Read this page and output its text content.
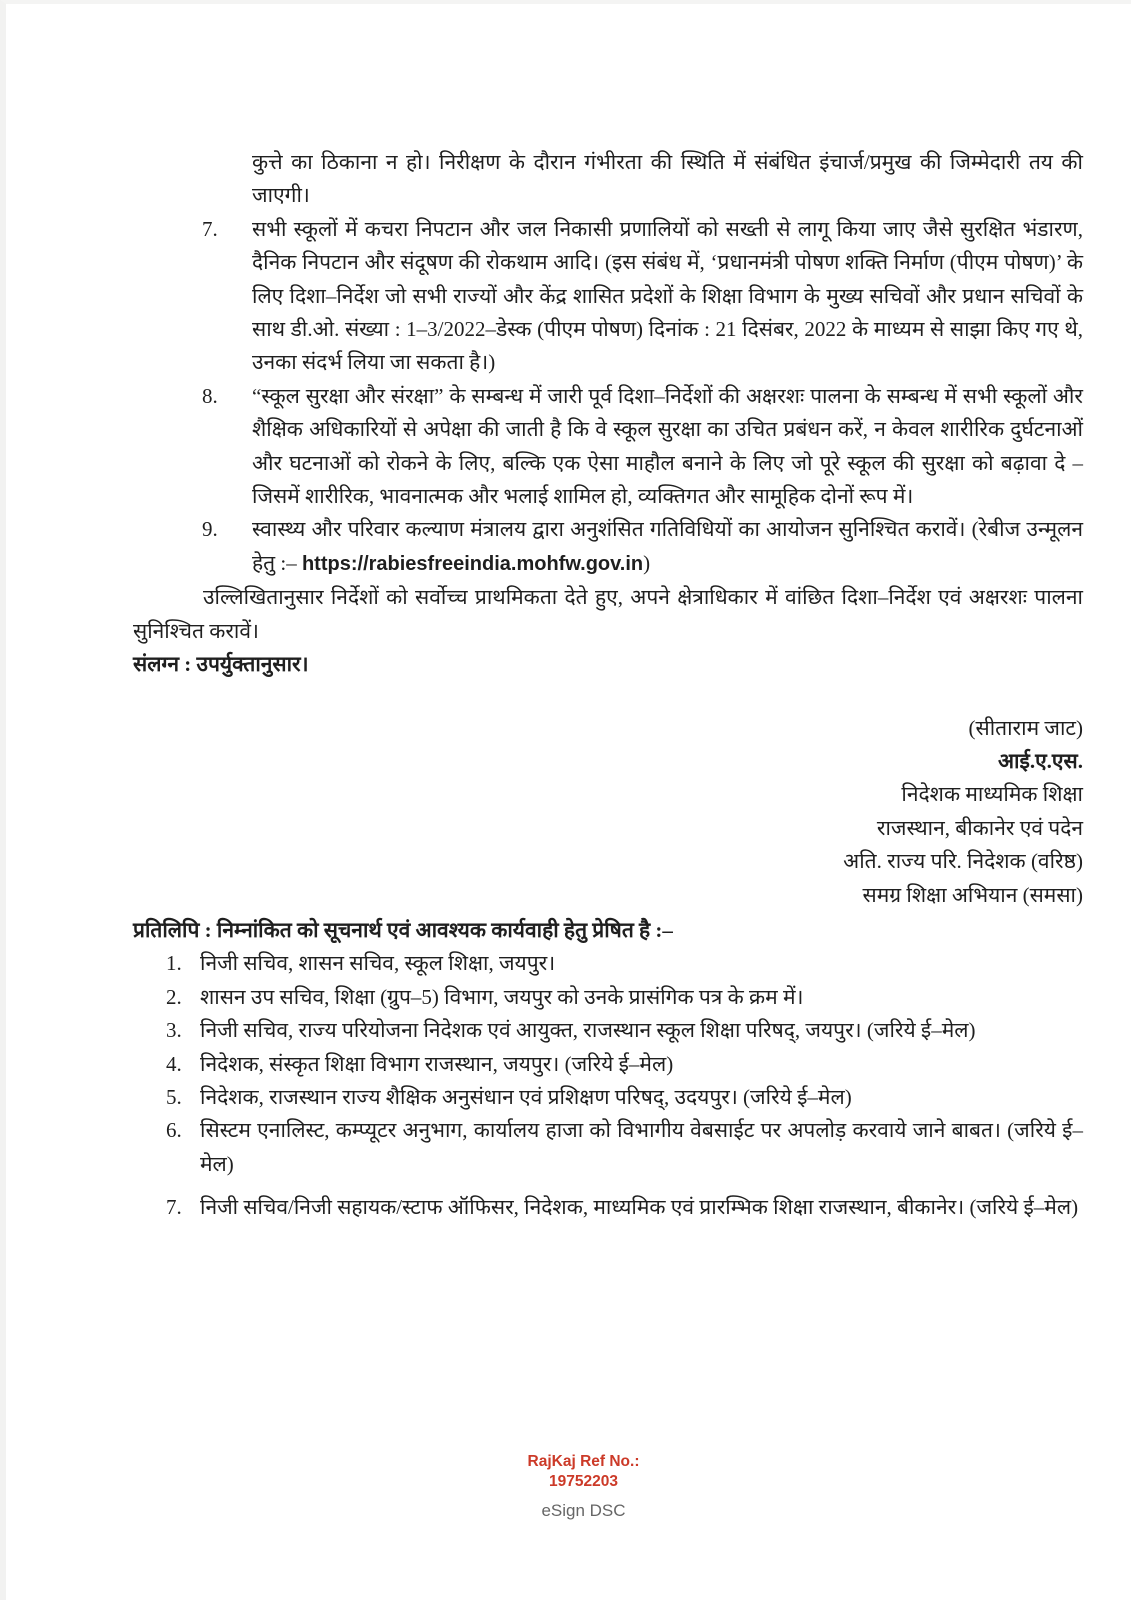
कुत्ते का ठिकाना न हो। निरीक्षण के दौरान गंभीरता की स्थिति में संबंधित इंचार्ज/प्रमुख की जिम्मेदारी तय की जाएगी।

7.	सभी स्कूलों में कचरा निपटान और जल निकासी प्रणालियों को सख्ती से लागू किया जाए जैसे सुरक्षित भंडारण, दैनिक निपटान और संदूषण की रोकथाम आदि। (इस संबंध में, ‘प्रधानमंत्री पोषण शक्ति निर्माण (पीएम पोषण)’ के लिए दिशा–निर्देश जो सभी राज्यों और केंद्र शासित प्रदेशों के शिक्षा विभाग के मुख्य सचिवों और प्रधान सचिवों के साथ डी.ओ. संख्या : 1–3/2022–डेस्क (पीएम पोषण) दिनांक : 21 दिसंबर, 2022 के माध्यम से साझा किए गए थे, उनका संदर्भ लिया जा सकता है।)
8.	“स्कूल सुरक्षा और संरक्षा” के सम्बन्ध में जारी पूर्व दिशा–निर्देशों की अक्षरशः पालना के सम्बन्ध में सभी स्कूलों और शैक्षिक अधिकारियों से अपेक्षा की जाती है कि वे स्कूल सुरक्षा का उचित प्रबंधन करें, न केवल शारीरिक दुर्घटनाओं और घटनाओं को रोकने के लिए, बल्कि एक ऐसा माहौल बनाने के लिए जो पूरे स्कूल की सुरक्षा को बढ़ावा दे – जिसमें शारीरिक, भावनात्मक और भलाई शामिल हो, व्यक्तिगत और सामूहिक दोनों रूप में।
9.	स्वास्थ्य और परिवार कल्याण मंत्रालय द्वारा अनुशंसित गतिविधियों का आयोजन सुनिश्चित करावें। (रेबीज उन्मूलन हेतु :– https://rabiesfreeindia.mohfw.gov.in)

उल्लिखितानुसार निर्देशों को सर्वोच्च प्राथमिकता देते हुए, अपने क्षेत्राधिकार में वांछित दिशा–निर्देश एवं अक्षरशः पालना सुनिश्चित करावें।

संलग्न : उपर्युक्तानुसार।

(सीताराम जाट)
आई.ए.एस.
निदेशक माध्यमिक शिक्षा
राजस्थान, बीकानेर एवं पदेन
अति. राज्य परि. निदेशक (वरिष्ठ)
समग्र शिक्षा अभियान (समसा)

प्रतिलिपि : निम्नांकित को सूचनार्थ एवं आवश्यक कार्यवाही हेतु प्रेषित है :–

1. निजी सचिव, शासन सचिव, स्कूल शिक्षा, जयपुर।
2. शासन उप सचिव, शिक्षा (ग्रुप–5) विभाग, जयपुर को उनके प्रासंगिक पत्र के क्रम में।
3. निजी सचिव, राज्य परियोजना निदेशक एवं आयुक्त, राजस्थान स्कूल शिक्षा परिषद्, जयपुर। (जरिये ई–मेल)
4. निदेशक, संस्कृत शिक्षा विभाग राजस्थान, जयपुर। (जरिये ई–मेल)
5. निदेशक, राजस्थान राज्य शैक्षिक अनुसंधान एवं प्रशिक्षण परिषद्, उदयपुर। (जरिये ई–मेल)
6. सिस्टम एनालिस्ट, कम्प्यूटर अनुभाग, कार्यालय हाजा को विभागीय वेबसाईट पर अपलोड़ करवाये जाने बाबत। (जरिये ई–मेल)
7. निजी सचिव/निजी सहायक/स्टाफ ऑफिसर, निदेशक, माध्यमिक एवं प्रारम्भिक शिक्षा राजस्थान, बीकानेर। (जरिये ई–मेल)
RajKaj Ref No.:
19752203
eSign DSC
